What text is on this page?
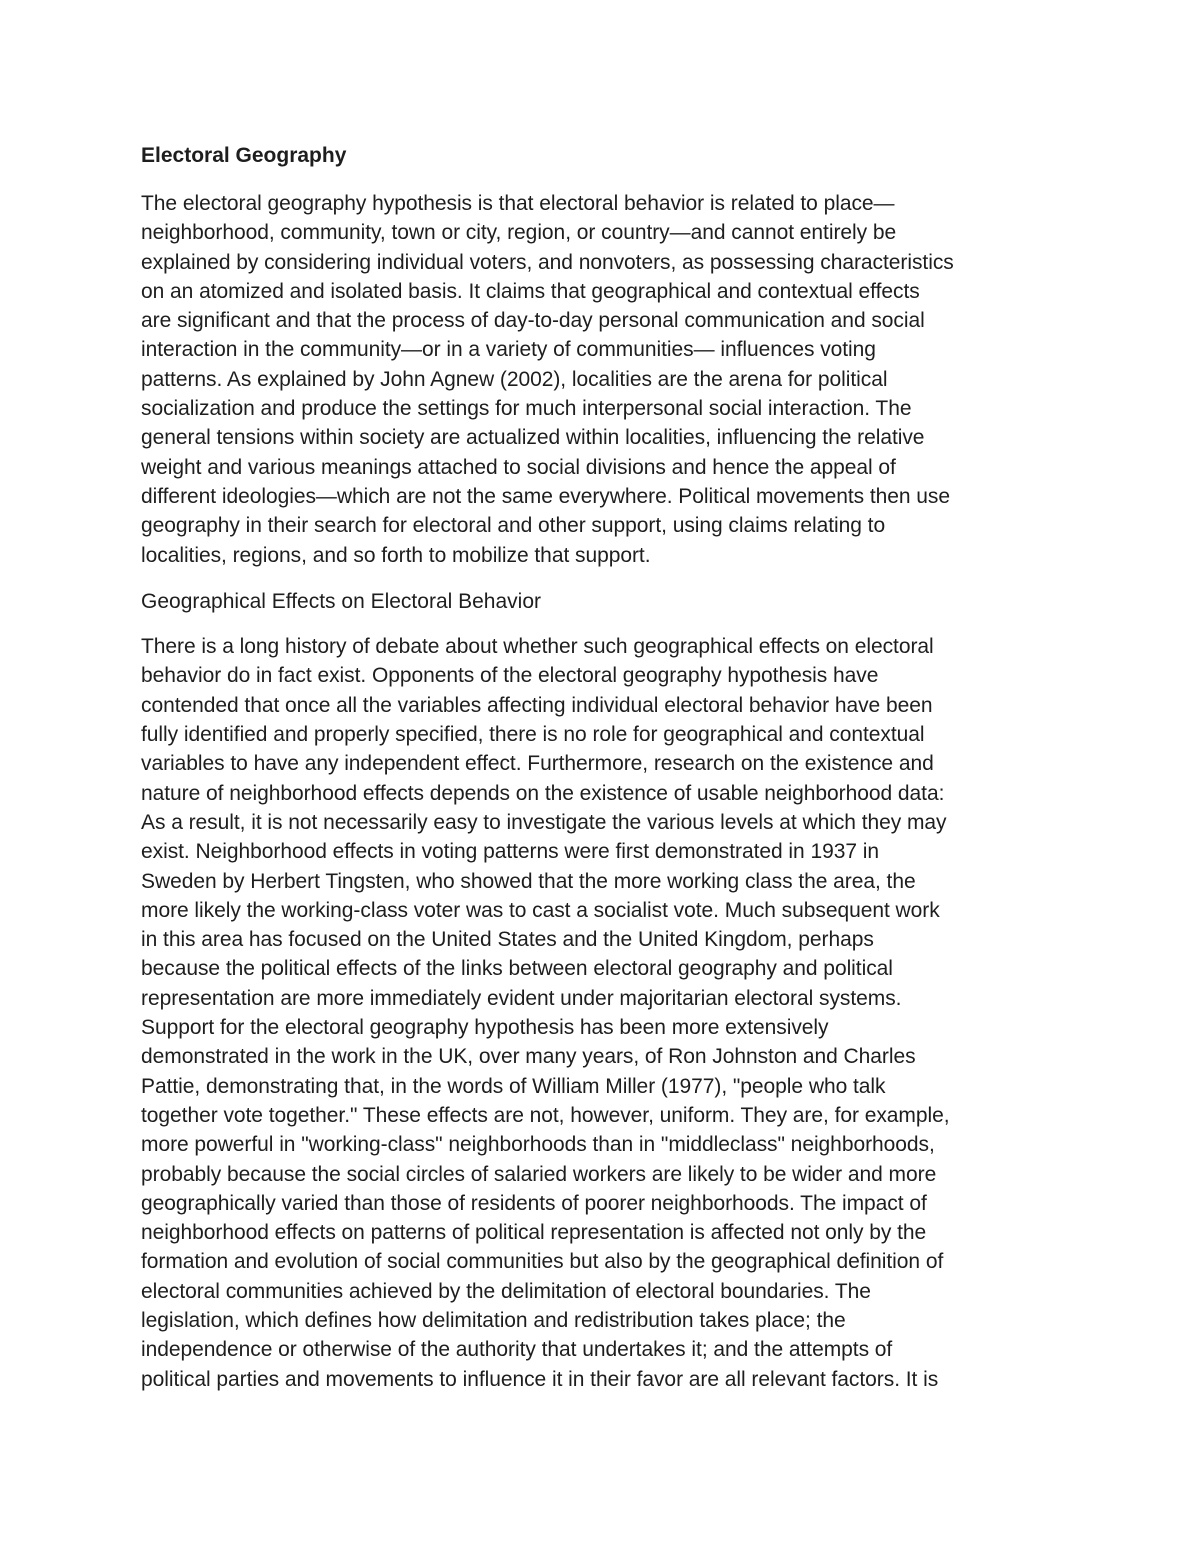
Electoral Geography

The electoral geography hypothesis is that electoral behavior is related to place—
neighborhood, community, town or city, region, or country—and cannot entirely be
explained by considering individual voters, and nonvoters, as possessing characteristics
on an atomized and isolated basis. It claims that geographical and contextual effects
are significant and that the process of day-to-day personal communication and social
interaction in the community—or in a variety of communities— influences voting
patterns. As explained by John Agnew (2002), localities are the arena for political
socialization and produce the settings for much interpersonal social interaction. The
general tensions within society are actualized within localities, influencing the relative
weight and various meanings attached to social divisions and hence the appeal of
different ideologies—which are not the same everywhere. Political movements then use
geography in their search for electoral and other support, using claims relating to
localities, regions, and so forth to mobilize that support.

Geographical Effects on Electoral Behavior

There is a long history of debate about whether such geographical effects on electoral
behavior do in fact exist. Opponents of the electoral geography hypothesis have
contended that once all the variables affecting individual electoral behavior have been
fully identified and properly specified, there is no role for geographical and contextual
variables to have any independent effect. Furthermore, research on the existence and
nature of neighborhood effects depends on the existence of usable neighborhood data:
As a result, it is not necessarily easy to investigate the various levels at which they may
exist. Neighborhood effects in voting patterns were first demonstrated in 1937 in
Sweden by Herbert Tingsten, who showed that the more working class the area, the
more likely the working-class voter was to cast a socialist vote. Much subsequent work
in this area has focused on the United States and the United Kingdom, perhaps
because the political effects of the links between electoral geography and political
representation are more immediately evident under majoritarian electoral systems.
Support for the electoral geography hypothesis has been more extensively
demonstrated in the work in the UK, over many years, of Ron Johnston and Charles
Pattie, demonstrating that, in the words of William Miller (1977), "people who talk
together vote together." These effects are not, however, uniform. They are, for example,
more powerful in "working-class" neighborhoods than in "middleclass" neighborhoods,
probably because the social circles of salaried workers are likely to be wider and more
geographically varied than those of residents of poorer neighborhoods. The impact of
neighborhood effects on patterns of political representation is affected not only by the
formation and evolution of social communities but also by the geographical definition of
electoral communities achieved by the delimitation of electoral boundaries. The
legislation, which defines how delimitation and redistribution takes place; the
independence or otherwise of the authority that undertakes it; and the attempts of
political parties and movements to influence it in their favor are all relevant factors. It is
